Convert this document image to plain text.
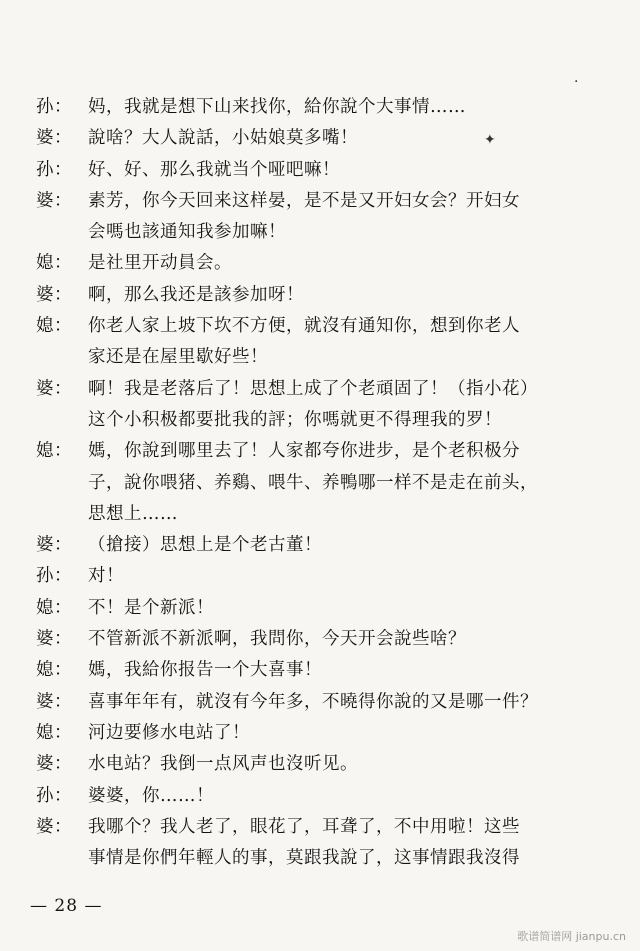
孙： 妈，我就是想下山来找你，給你說个大事情……
婆： 說啥？大人說話，小姑娘莫多嘴！
孙： 好、好、那么我就当个哑吧嘛！
婆： 素芳，你今天回来这样晏，是不是又开妇女会？开妇女
会嗎也該通知我参加嘛！
媳： 是社里开动員会。
婆： 啊，那么我还是該参加呀！
媳： 你老人家上坡下坎不方便，就沒有通知你，想到你老人
家还是在屋里歇好些！
婆： 啊！我是老落后了！思想上成了个老頑固了！（指小花）
这个小积极都要批我的評；你嗎就更不得理我的罗！
媳： 媽，你說到哪里去了！人家都夸你进步，是个老积极分
子，說你喂猪、养鷄、喂牛、养鴨哪一样不是走在前头，
思想上……
婆： （搶接）思想上是个老古董！
孙： 对！
媳： 不！是个新派！
婆： 不管新派不新派啊，我問你，今天开会說些啥？
媳： 媽，我給你报告一个大喜事！
婆： 喜事年年有，就沒有今年多，不曉得你說的又是哪一件？
媳： 河边要修水电站了！
婆： 水电站？我倒一点风声也沒听见。
孙： 婆婆，你……！
婆： 我哪个？我人老了，眼花了，耳聋了，不中用啦！这些
事情是你們年輕人的事，莫跟我說了，这事情跟我沒得
— 28 —
歌谱简谱网 jianpu.cn
·
✦
